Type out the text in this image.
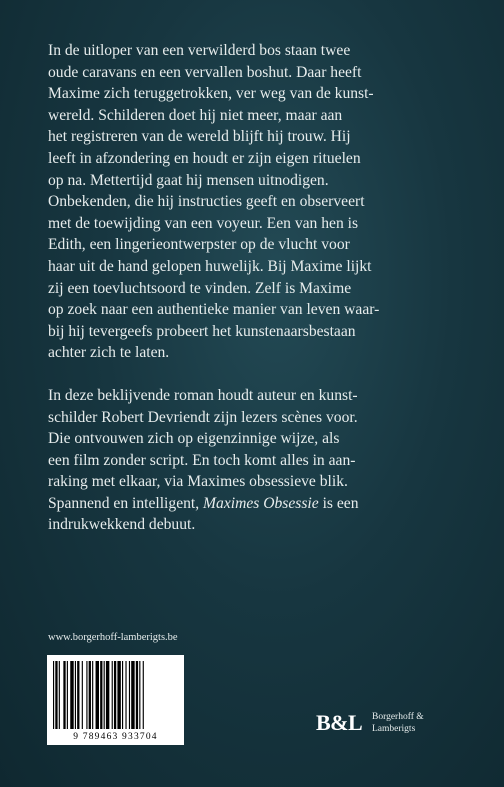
In de uitloper van een verwilderd bos staan twee
oude caravans en een vervallen boshut. Daar heeft
Maxime zich teruggetrokken, ver weg van de kunst-
wereld. Schilderen doet hij niet meer, maar aan
het registreren van de wereld blijft hij trouw. Hij
leeft in afzondering en houdt er zijn eigen rituelen
op na. Mettertijd gaat hij mensen uitnodigen.
Onbekenden, die hij instructies geeft en observeert
met de toewijding van een voyeur. Een van hen is
Edith, een lingerieontwerpster op de vlucht voor
haar uit de hand gelopen huwelijk. Bij Maxime lijkt
zij een toevluchtsoord te vinden. Zelf is Maxime
op zoek naar een authentieke manier van leven waar-
bij hij tevergeefs probeert het kunstenaarsbestaan
achter zich te laten.

In deze beklijvende roman houdt auteur en kunst-
schilder Robert Devriendt zijn lezers scènes voor.
Die ontvouwen zich op eigenzinnige wijze, als
een film zonder script. En toch komt alles in aan-
raking met elkaar, via Maximes obsessieve blik.
Spannend en intelligent, Maximes Obsessie is een
indrukwekkend debuut.

www.borgerhoff-lamberigts.be
9 789463 933704
B&L Borgerhoff &
Lamberigts
